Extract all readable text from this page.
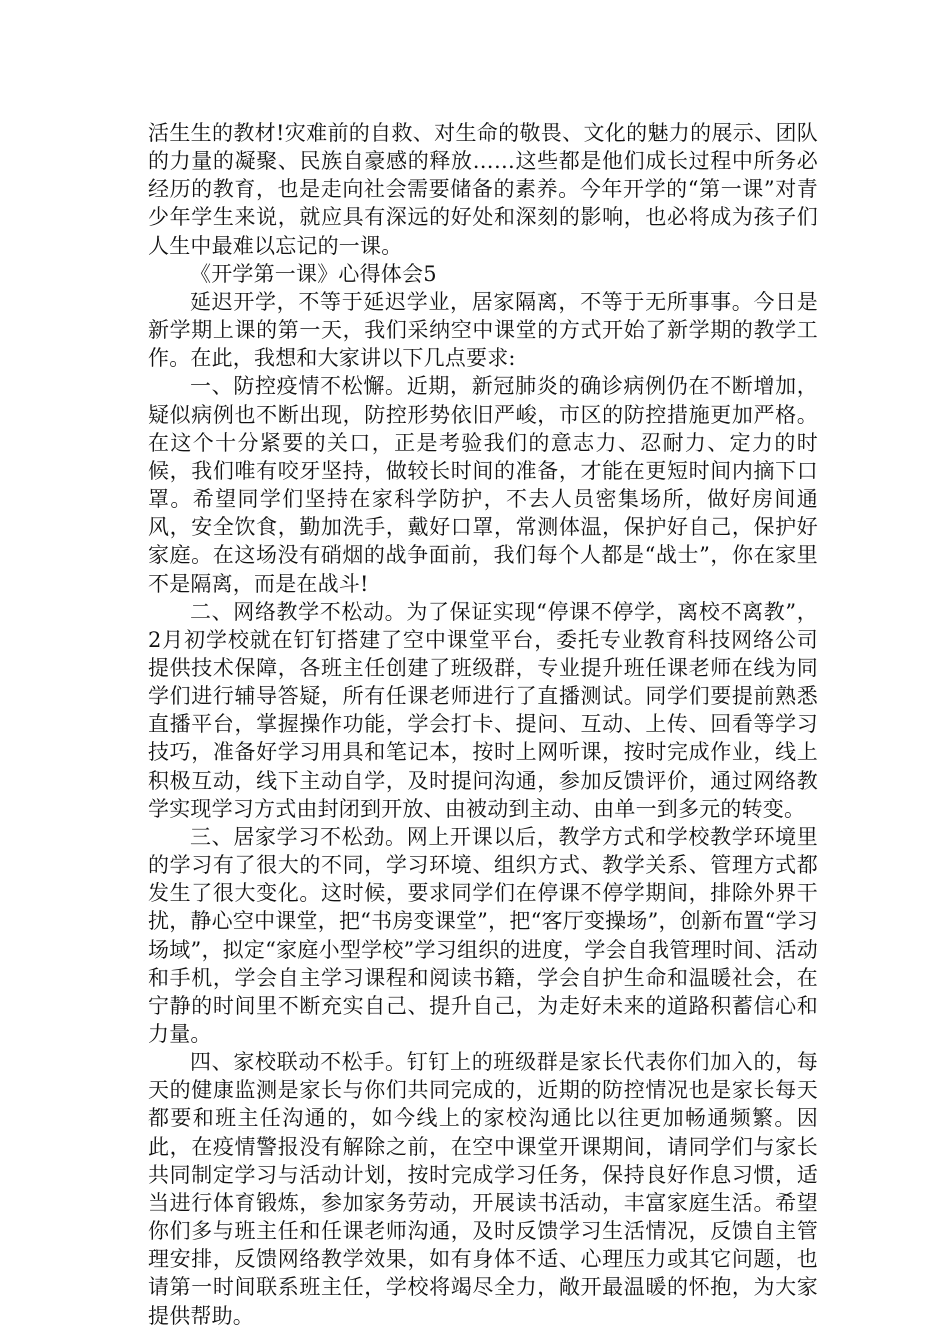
活生生的教材!灾难前的自救、对生命的敬畏、文化的魅力的展示、团队的力量的凝聚、民族自豪感的释放……这些都是他们成长过程中所务必经历的教育，也是走向社会需要储备的素养。今年开学的“第一课”对青少年学生来说，就应具有深远的好处和深刻的影响，也必将成为孩子们人生中最难以忘记的一课。

《开学第一课》心得体会5

延迟开学，不等于延迟学业，居家隔离，不等于无所事事。今日是新学期上课的第一天，我们采纳空中课堂的方式开始了新学期的教学工作。在此，我想和大家讲以下几点要求:

一、防控疫情不松懈。近期，新冠肺炎的确诊病例仍在不断增加，疑似病例也不断出现，防控形势依旧严峻，市区的防控措施更加严格。在这个十分紧要的关口，正是考验我们的意志力、忍耐力、定力的时候，我们唯有咬牙坚持，做较长时间的准备，才能在更短时间内摘下口罩。希望同学们坚持在家科学防护，不去人员密集场所，做好房间通风，安全饮食，勤加洗手，戴好口罩，常测体温，保护好自己，保护好家庭。在这场没有硝烟的战争面前，我们每个人都是“战士”，你在家里不是隔离，而是在战斗!

二、网络教学不松动。为了保证实现“停课不停学，离校不离教”，2月初学校就在钉钉搭建了空中课堂平台，委托专业教育科技网络公司提供技术保障，各班主任创建了班级群，专业提升班任课老师在线为同学们进行辅导答疑，所有任课老师进行了直播测试。同学们要提前熟悉直播平台，掌握操作功能，学会打卡、提问、互动、上传、回看等学习技巧，准备好学习用具和笔记本，按时上网听课，按时完成作业，线上积极互动，线下主动自学，及时提问沟通，参加反馈评价，通过网络教学实现学习方式由封闭到开放、由被动到主动、由单一到多元的转变。

三、居家学习不松劲。网上开课以后，教学方式和学校教学环境里的学习有了很大的不同，学习环境、组织方式、教学关系、管理方式都发生了很大变化。这时候，要求同学们在停课不停学期间，排除外界干扰，静心空中课堂，把“书房变课堂”，把“客厅变操场”，创新布置“学习场域”，拟定“家庭小型学校”学习组织的进度，学会自我管理时间、活动和手机，学会自主学习课程和阅读书籍，学会自护生命和温暖社会，在宁静的时间里不断充实自己、提升自己，为走好未来的道路积蓄信心和力量。

四、家校联动不松手。钉钉上的班级群是家长代表你们加入的，每天的健康监测是家长与你们共同完成的，近期的防控情况也是家长每天都要和班主任沟通的，如今线上的家校沟通比以往更加畅通频繁。因此，在疫情警报没有解除之前，在空中课堂开课期间，请同学们与家长共同制定学习与活动计划，按时完成学习任务，保持良好作息习惯，适当进行体育锻炼，参加家务劳动，开展读书活动，丰富家庭生活。希望你们多与班主任和任课老师沟通，及时反馈学习生活情况，反馈自主管理安排，反馈网络教学效果，如有身体不适、心理压力或其它问题，也请第一时间联系班主任，学校将竭尽全力，敞开最温暖的怀抱，为大家提供帮助。
